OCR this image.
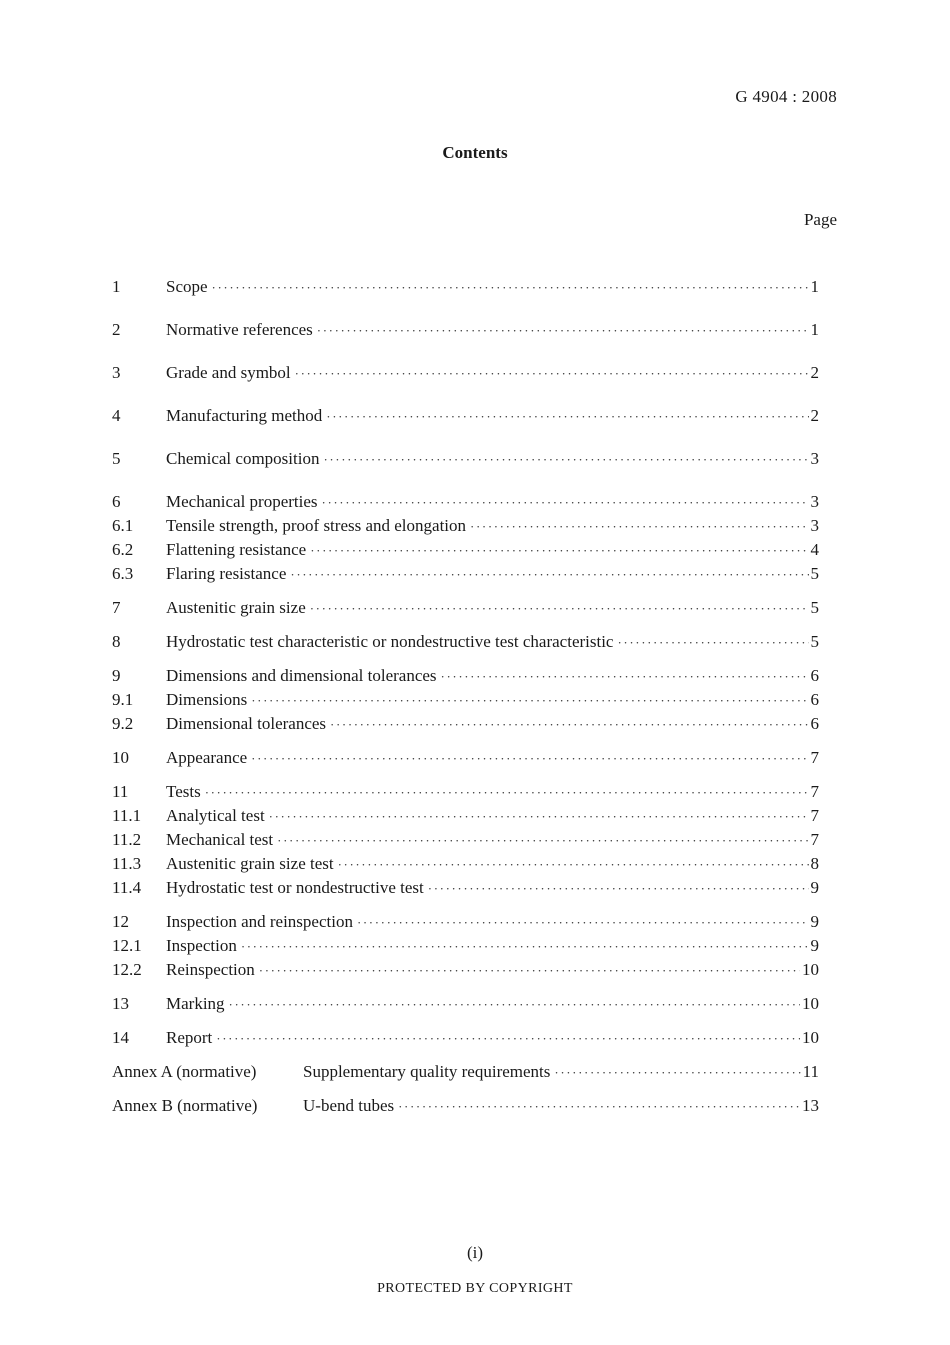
G 4904 : 2008
Contents
Page
1	Scope ·····	1
2	Normative references ·····	1
3	Grade and symbol ·····	2
4	Manufacturing method ·····	2
5	Chemical composition ·····	3
6	Mechanical properties ·····	3
6.1	Tensile strength, proof stress and elongation ·····	3
6.2	Flattening resistance ·····	4
6.3	Flaring resistance ·····	5
7	Austenitic grain size ·····	5
8	Hydrostatic test characteristic or nondestructive test characteristic ·····	5
9	Dimensions and dimensional tolerances ·····	6
9.1	Dimensions ·····	6
9.2	Dimensional tolerances ·····	6
10	Appearance ·····	7
11	Tests ·····	7
11.1	Analytical test ·····	7
11.2	Mechanical test ·····	7
11.3	Austenitic grain size test ·····	8
11.4	Hydrostatic test or nondestructive test ·····	9
12	Inspection and reinspection ·····	9
12.1	Inspection ·····	9
12.2	Reinspection ·····	10
13	Marking ·····	10
14	Report ·····	10
Annex A (normative)	Supplementary quality requirements ·····	11
Annex B (normative)	U-bend tubes ·····	13
(i)
PROTECTED BY COPYRIGHT
